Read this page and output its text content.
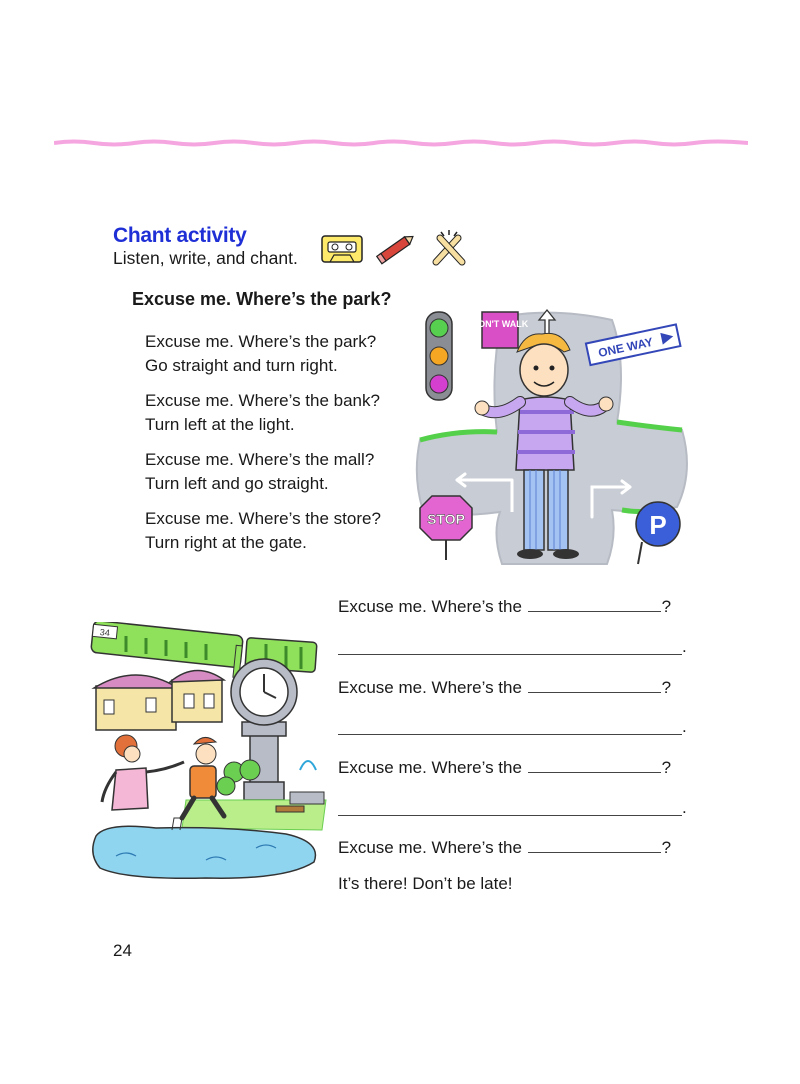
Chant activity
Listen, write, and chant.
Excuse me. Where’s the park?
Excuse me. Where’s the park?
Go straight and turn right.
Excuse me. Where’s the bank?
Turn left at the light.
Excuse me. Where’s the mall?
Turn left and go straight.
Excuse me. Where’s the store?
Turn right at the gate.
DON'T WALK
ONE WAY
STOP	P
34
Excuse me. Where’s the	?
.
Excuse me. Where’s the	?
.
Excuse me. Where’s the	?
.
Excuse me. Where’s the	?
It’s there! Don’t be late!
24
